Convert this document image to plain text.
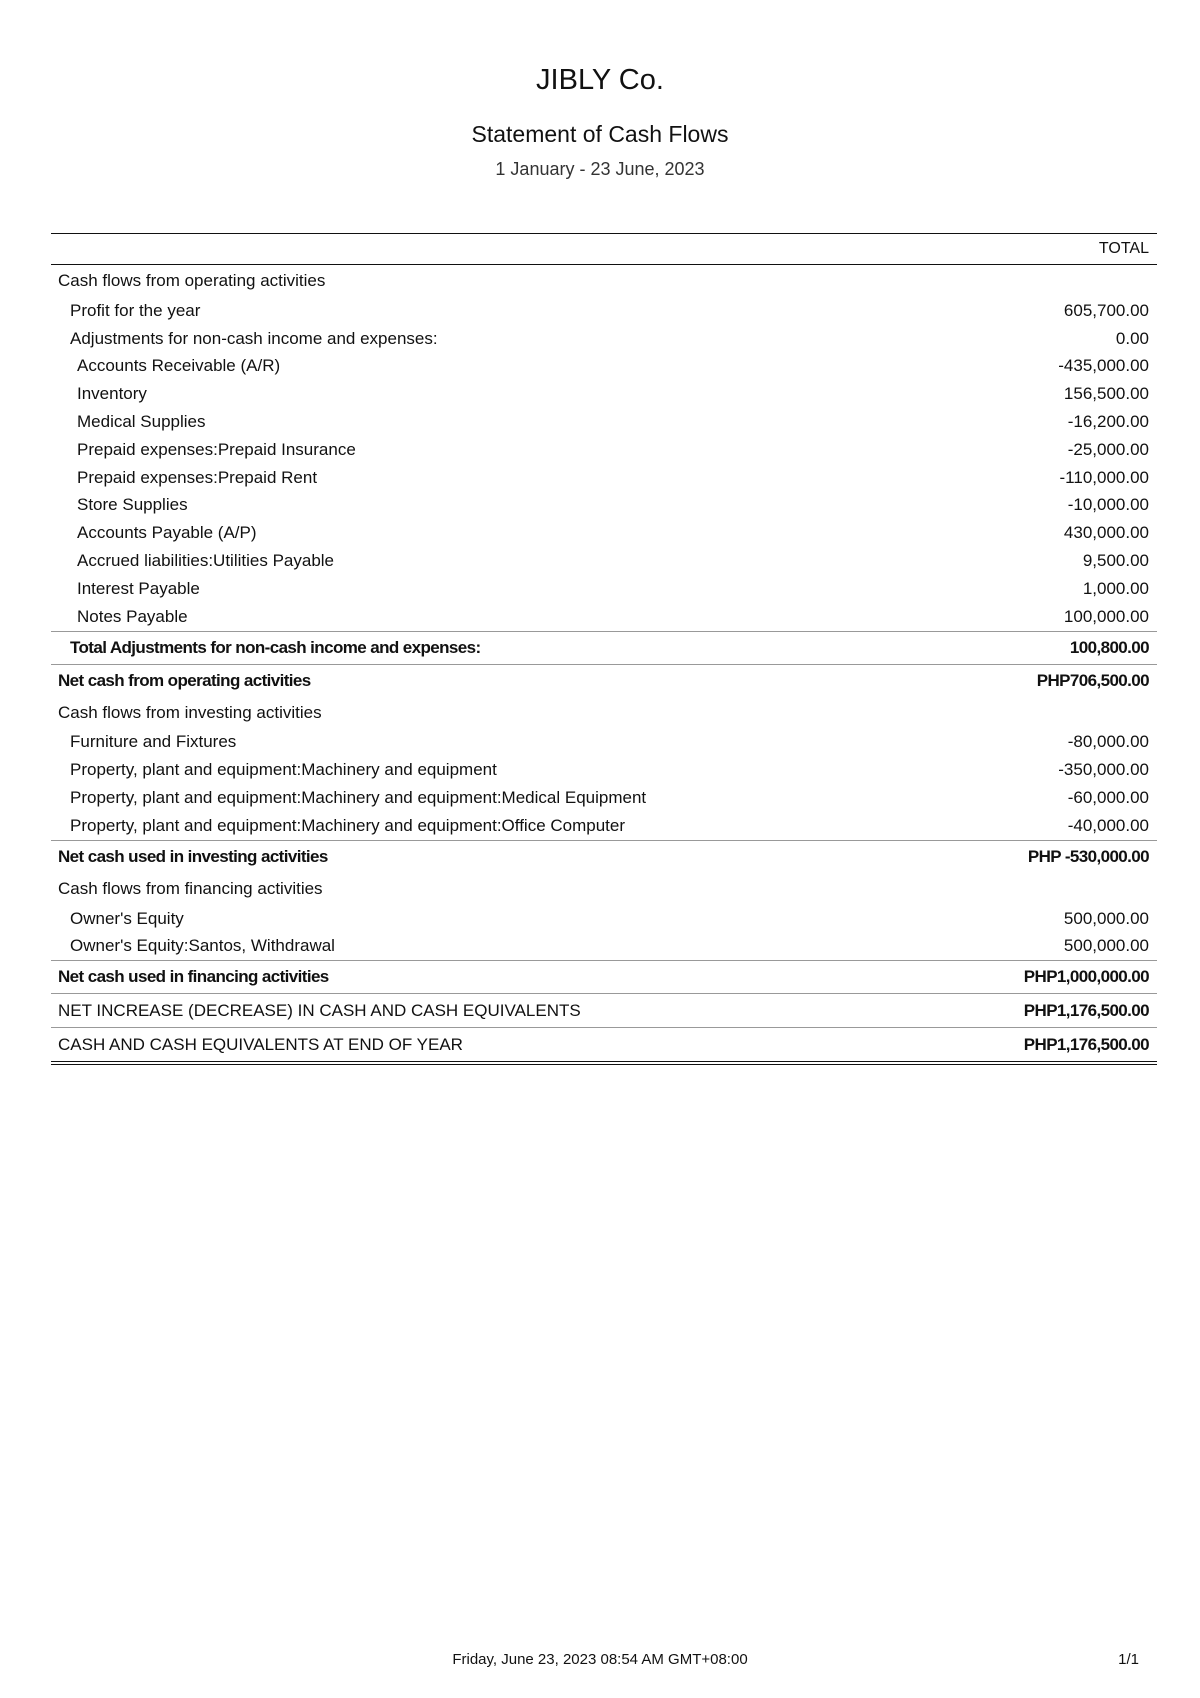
JIBLY Co.
Statement of Cash Flows
1 January - 23 June, 2023
TOTAL	
Cash flows from operating activities	
Profit for the year	605,700.00
Adjustments for non-cash income and expenses:	0.00
Accounts Receivable (A/R)	-435,000.00
Inventory	156,500.00
Medical Supplies	-16,200.00
Prepaid expenses:Prepaid Insurance	-25,000.00
Prepaid expenses:Prepaid Rent	-110,000.00
Store Supplies	-10,000.00
Accounts Payable (A/P)	430,000.00
Accrued liabilities:Utilities Payable	9,500.00
Interest Payable	1,000.00
Notes Payable	100,000.00
Total Adjustments for non-cash income and expenses:	100,800.00
Net cash from operating activities	PHP706,500.00
Cash flows from investing activities	
Furniture and Fixtures	-80,000.00
Property, plant and equipment:Machinery and equipment	-350,000.00
Property, plant and equipment:Machinery and equipment:Medical Equipment	-60,000.00
Property, plant and equipment:Machinery and equipment:Office Computer	-40,000.00
Net cash used in investing activities	PHP -530,000.00
Cash flows from financing activities	
Owner's Equity	500,000.00
Owner's Equity:Santos, Withdrawal	500,000.00
Net cash used in financing activities	PHP1,000,000.00
NET INCREASE (DECREASE) IN CASH AND CASH EQUIVALENTS	PHP1,176,500.00
CASH AND CASH EQUIVALENTS AT END OF YEAR	PHP1,176,500.00
Friday, June 23, 2023 08:54 AM GMT+08:00	1/1
